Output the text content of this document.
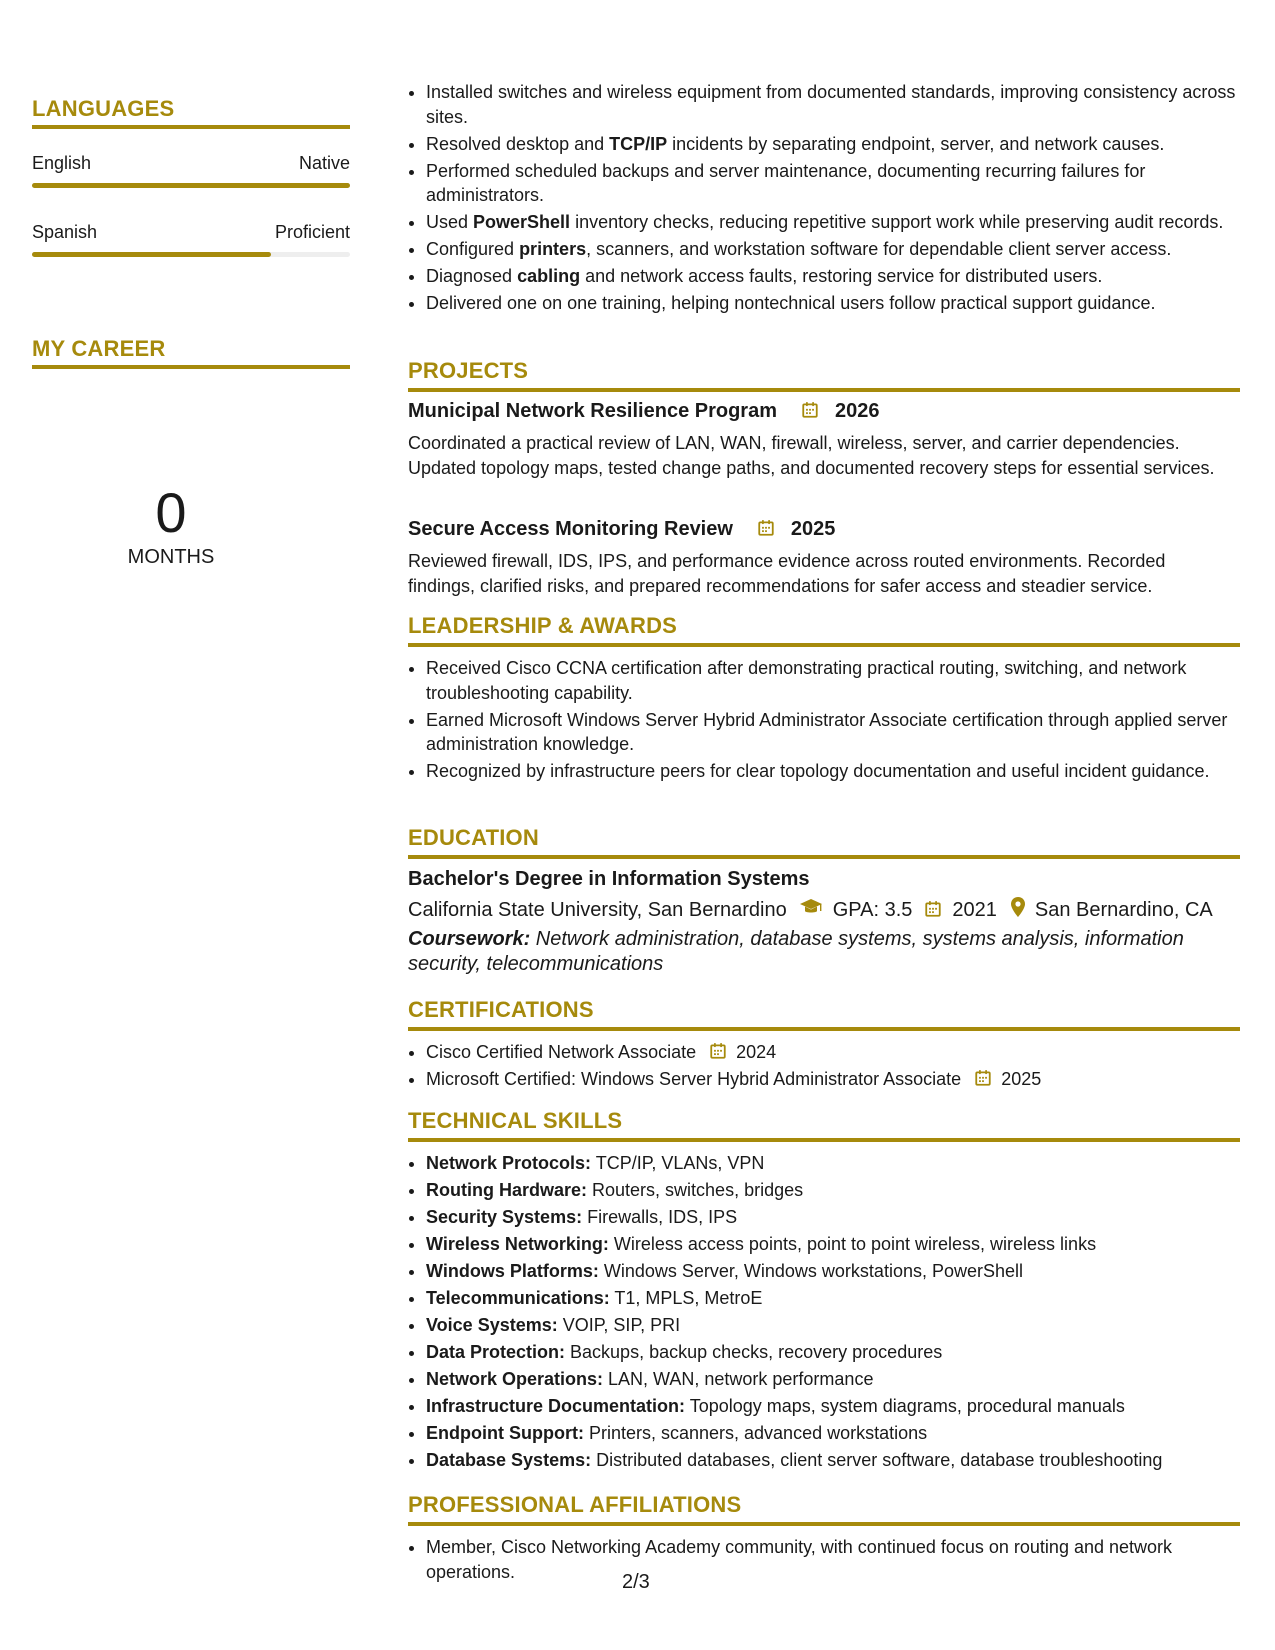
LANGUAGES
English	Native
Spanish	Proficient
MY CAREER
0
MONTHS
• Installed switches and wireless equipment from documented standards, improving consistency across sites.
• Resolved desktop and TCP/IP incidents by separating endpoint, server, and network causes.
• Performed scheduled backups and server maintenance, documenting recurring failures for administrators.
• Used PowerShell inventory checks, reducing repetitive support work while preserving audit records.
• Configured printers, scanners, and workstation software for dependable client server access.
• Diagnosed cabling and network access faults, restoring service for distributed users.
• Delivered one on one training, helping nontechnical users follow practical support guidance.
PROJECTS
Municipal Network Resilience Program	2026
Coordinated a practical review of LAN, WAN, firewall, wireless, server, and carrier dependencies. Updated topology maps, tested change paths, and documented recovery steps for essential services.
Secure Access Monitoring Review	2025
Reviewed firewall, IDS, IPS, and performance evidence across routed environments. Recorded findings, clarified risks, and prepared recommendations for safer access and steadier service.
LEADERSHIP & AWARDS
• Received Cisco CCNA certification after demonstrating practical routing, switching, and network troubleshooting capability.
• Earned Microsoft Windows Server Hybrid Administrator Associate certification through applied server administration knowledge.
• Recognized by infrastructure peers for clear topology documentation and useful incident guidance.
EDUCATION
Bachelor's Degree in Information Systems
California State University, San Bernardino GPA: 3.5 2021 San Bernardino, CA
Coursework: Network administration, database systems, systems analysis, information security, telecommunications
CERTIFICATIONS
• Cisco Certified Network Associate 2024
• Microsoft Certified: Windows Server Hybrid Administrator Associate 2025
TECHNICAL SKILLS
• Network Protocols: TCP/IP, VLANs, VPN
• Routing Hardware: Routers, switches, bridges
• Security Systems: Firewalls, IDS, IPS
• Wireless Networking: Wireless access points, point to point wireless, wireless links
• Windows Platforms: Windows Server, Windows workstations, PowerShell
• Telecommunications: T1, MPLS, MetroE
• Voice Systems: VOIP, SIP, PRI
• Data Protection: Backups, backup checks, recovery procedures
• Network Operations: LAN, WAN, network performance
• Infrastructure Documentation: Topology maps, system diagrams, procedural manuals
• Endpoint Support: Printers, scanners, advanced workstations
• Database Systems: Distributed databases, client server software, database troubleshooting
PROFESSIONAL AFFILIATIONS
• Member, Cisco Networking Academy community, with continued focus on routing and network operations.	2/3
